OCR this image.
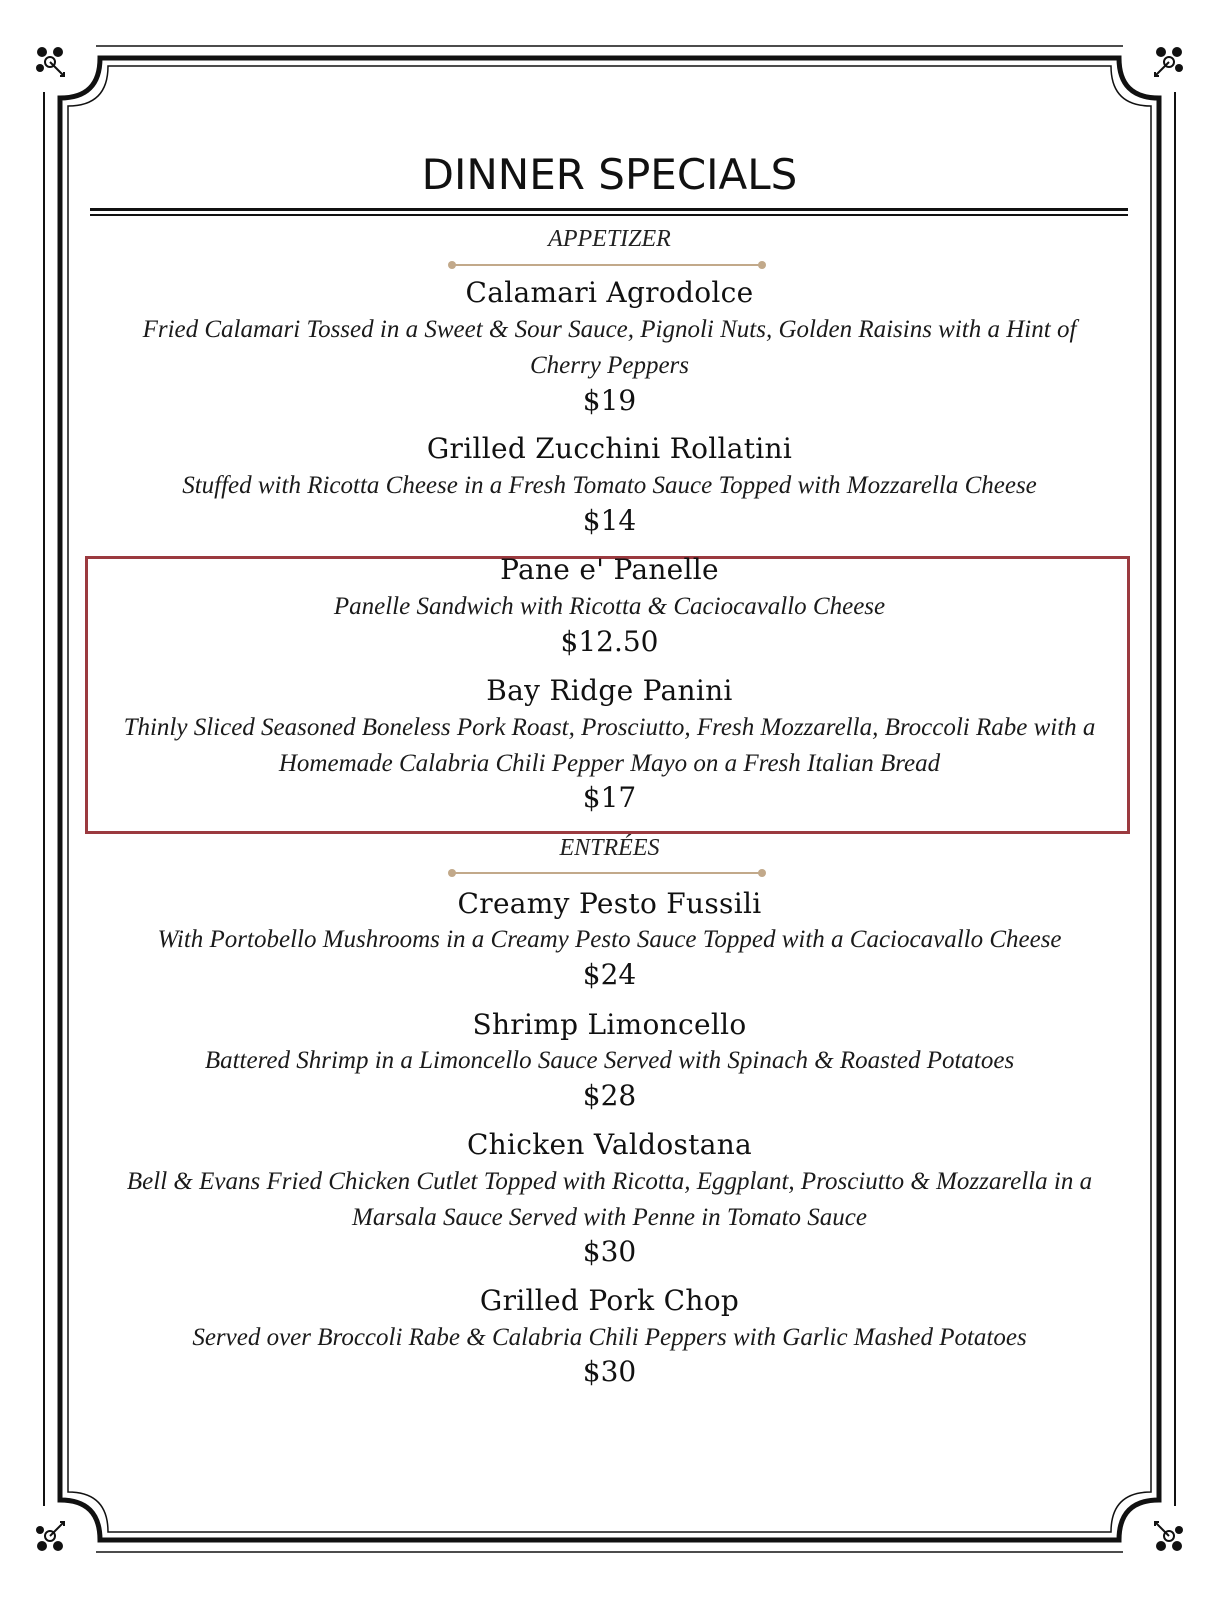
DINNER SPECIALS
APPETIZER
Calamari Agrodolce
Fried Calamari Tossed in a Sweet & Sour Sauce, Pignoli Nuts, Golden Raisins with a Hint of
Cherry Peppers
$19
Grilled Zucchini Rollatini
Stuffed with Ricotta Cheese in a Fresh Tomato Sauce Topped with Mozzarella Cheese
$14
Pane e' Panelle
Panelle Sandwich with Ricotta & Caciocavallo Cheese
$12.50
Bay Ridge Panini
Thinly Sliced Seasoned Boneless Pork Roast, Prosciutto, Fresh Mozzarella, Broccoli Rabe with a
Homemade Calabria Chili Pepper Mayo on a Fresh Italian Bread
$17
ENTRÉES
Creamy Pesto Fussili
With Portobello Mushrooms in a Creamy Pesto Sauce Topped with a Caciocavallo Cheese
$24
Shrimp Limoncello
Battered Shrimp in a Limoncello Sauce Served with Spinach & Roasted Potatoes
$28
Chicken Valdostana
Bell & Evans Fried Chicken Cutlet Topped with Ricotta, Eggplant, Prosciutto & Mozzarella in a
Marsala Sauce Served with Penne in Tomato Sauce
$30
Grilled Pork Chop
Served over Broccoli Rabe & Calabria Chili Peppers with Garlic Mashed Potatoes
$30
